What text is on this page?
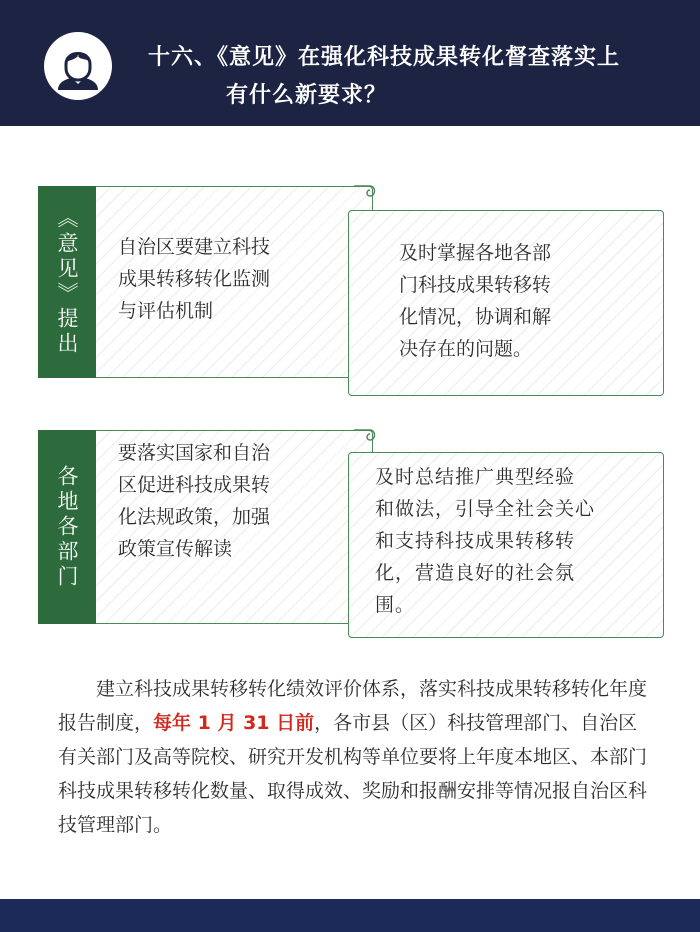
十六、《意见》在强化科技成果转化督查落实上
有什么新要求？
《意见》提出 自治区要建立科技
成果转移转化监测
与评估机制
及时掌握各地各部
门科技成果转移转
化情况，协调和解
决存在的问题。
各地各部门
要落实国家和自治
区促进科技成果转
化法规政策，加强
政策宣传解读
及时总结推广典型经验
和做法，引导全社会关心
和支持科技成果转移转
化，营造良好的社会氛
围。

建立科技成果转移转化绩效评价体系，落实科技成果转移转化年度报告制度，每年 1 月 31 日前，各市县（区）科技管理部门、自治区有关部门及高等院校、研究开发机构等单位要将上年度本地区、本部门科技成果转移转化数量、取得成效、奖励和报酬安排等情况报自治区科技管理部门。
